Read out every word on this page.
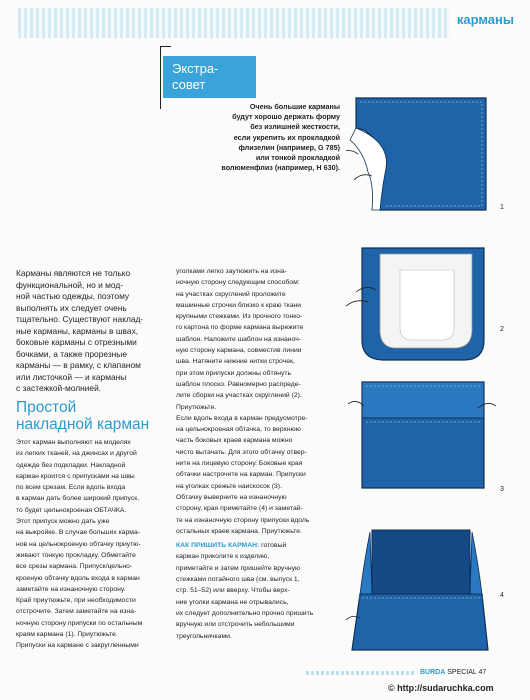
карманы
Экстра-
совет
Очень большие карманы
будут хорошо держать форму
без излишней жесткости,
если укрепить их прокладкой
флизелин (например, G 785)
или тонкой прокладкой
волюменфлиз (например, Н 630).
Карманы являются не только
функциональной, но и мод-
ной частью одежды, поэтому
выполнять их следует очень
тщательно. Существуют наклад-
ные карманы, карманы в швах,
боковые карманы с отрезными
бочками, а также прорезные
карманы — в рамку, с клапаном
или листочкой — и карманы
с застежкой-молнией.
Простой
накладной карман
Этот карман выполняют на моделях
из легких тканей, на джинсах и другой
одежде без подкладки. Накладной
карман кроится с припусками на швы
по всем срезам. Если вдоль входа
в карман дать более широкий припуск,
то будет цельнокроеная ОБТАЧКА.
Этот припуск можно дать уже
на выкройке. В случае больших карма-
нов на цельнокроеную обтачку приутю-
живают тонкую прокладку. Обметайте
все срезы кармана. Припуск/цельно-
кроеную обтачку вдоль входа в карман
заметайте на изнаночную сторону.
Край приутюжьте, при необходимости
отстрочите. Затем заметайте на изна-
ночную сторону припуски по остальным
краям кармана (1). Приутюжьте.
Припуски на кармане с закругленными
уголками легко заутюжить на изна-
ночную сторону следующим способом:
на участках скруглений проложите
машинные строчки близко к краю ткани
крупными стежками. Из прочного тонко-
го картона по форме кармана вырежите
шаблон. Наложите шаблон на изнаноч-
ную сторону кармана, совместив линии
шва. Натяните нижние нитки строчек,
при этом припуски должны обтянуть
шаблон плоско. Равномерно распреде-
лите сборки на участках скруглений (2).
Приутюжьте.
Если вдоль входа в карман предусмотре-
на цельнокроеная обтачка, то верхнюю
часть боковых краев кармана можно
чисто вытачать. Для этого обтачку отвер-
ните на лицевую сторону. Боковые края
обтачки настрочите на карман. Припуски
на уголках срежьте наискосок (3).
Обтачку выверните на изнаночную
сторону, края приметайте (4) и заметай-
те на изнаночную сторону припуски вдоль
остальных краев кармана. Приутюжьте.
КАК ПРИШИТЬ КАРМАН: готовый
карман приколите к изделию,
приметайте и затем пришейте вручную
стежками потайного шва (см. выпуск 1,
стр. 51–52) или вверху. Чтобы верх-
ние уголки кармана не отрывались,
их следует дополнительно прочно пришить
вручную или отстрочить небольшими
треугольничками.
1
2
3
4
BURDA SPECIAL 47
© http://sudaruchka.com
